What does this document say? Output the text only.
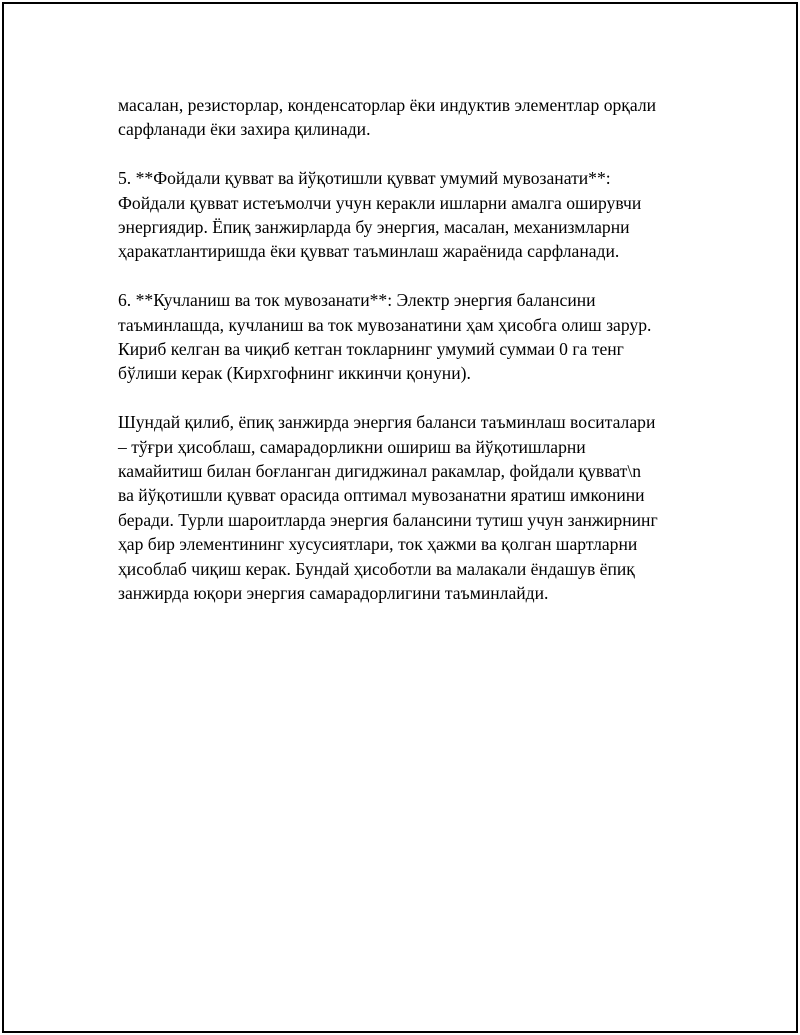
масалан, резисторлар, конденсаторлар ёки индуктив элементлар орқали
сарфланади ёки захира қилинади.

5. **Фойдали қувват ва йўқотишли қувват умумий мувозанати**:
Фойдали қувват истеъмолчи учун керакли ишларни амалга оширувчи
энергиядир. Ёпиқ занжирларда бу энергия, масалан, механизмларни
ҳаракатлантиришда ёки қувват таъминлаш жараёнида сарфланади.

6. **Кучланиш ва ток мувозанати**: Электр энергия балансини
таъминлашда, кучланиш ва ток мувозанатини ҳам ҳисобга олиш зарур.
Кириб келган ва чиқиб кетган токларнинг умумий суммаи 0 га тенг
бўлиши керак (Кирхгофнинг иккинчи қонуни).

Шундай қилиб, ёпиқ занжирда энергия баланси таъминлаш воситалари
– тўғри ҳисоблаш, самарадорликни ошириш ва йўқотишларни
камайитиш билан боғланган дигиджинал ракамлар, фойдали қувват\n
ва йўқотишли қувват орасида оптимал мувозанатни яратиш имконини
беради. Турли шароитларда энергия балансини тутиш учун занжирнинг
ҳар бир элементининг хусусиятлари, ток ҳажми ва қолган шартларни
ҳисоблаб чиқиш керак. Бундай ҳисоботли ва малакали ёндашув ёпиқ
занжирда юқори энергия самарадорлигини таъминлайди.
